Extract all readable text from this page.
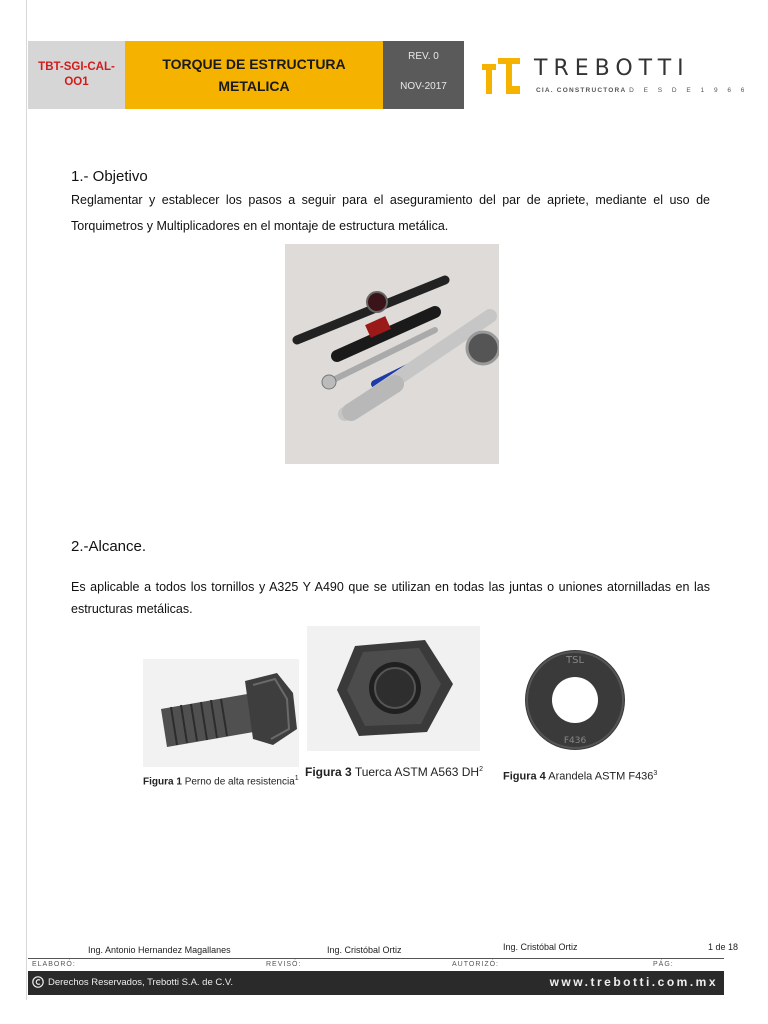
TBT-SGI-CAL-OO1
TORQUE DE ESTRUCTURA METALICA
REV. 0
NOV-2017
TREBOTTI
CIA. CONSTRUCTORA D E S D E 1 9 6 6
1.- Objetivo
Reglamentar y establecer los pasos a seguir para el aseguramiento del par de apriete, mediante el uso de Torquimetros y Multiplicadores en el montaje de estructura metálica.
2.-Alcance.
Es aplicable a todos los tornillos y A325 Y A490 que se utilizan en todas las juntas o uniones atornilladas en las estructuras metálicas.
TSL
F436
Figura 1 Perno de alta resistencia$^1$ Figura 3 Tuerca ASTM A563 $DH^2$
Figura 4 Arandela ASTM $F436^3$
Ing. Antonio Hernandez Magallanes	Ing. Cristóbal Ortiz	Ing. Cristóbal Ortiz	1 de 18
ELABORÓ:	REVISÓ:	AUTORIZÓ:	PÁG:
Derechos Reservados, Trebotti S.A. de C.V.	www.trebotti.com.mx
